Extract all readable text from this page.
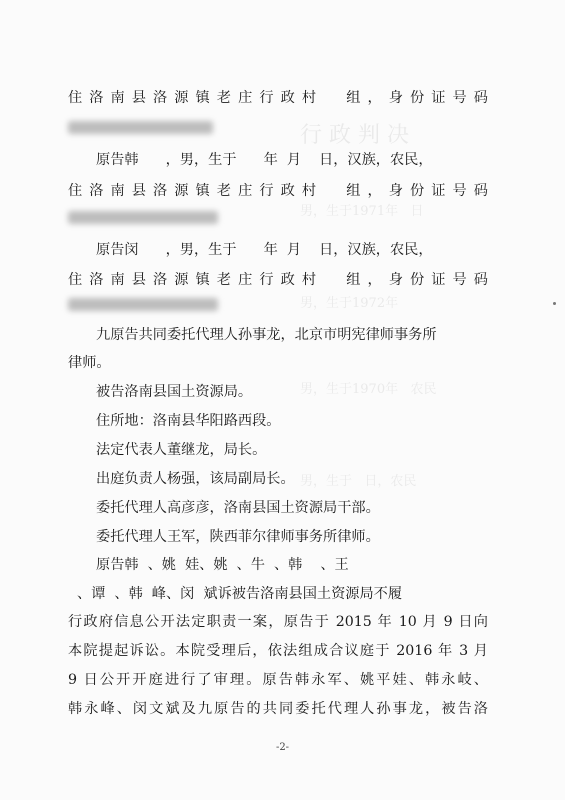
行 政 判 决
男，生于1971年   日
男，生于1972年
男，生于1970年   农民
男，生于   日，农民
住洛南县洛源镇老庄行政村  组，身份证号码
原告韩      ，男，生于      年  月    日，汉族，农民，
住洛南县洛源镇老庄行政村  组，身份证号码
原告闵      ，男，生于      年  月    日，汉族，农民，
住洛南县洛源镇老庄行政村  组，身份证号码
九原告共同委托代理人孙事龙，北京市明宪律师事务所
律师。
被告洛南县国土资源局。
住所地：洛南县华阳路西段。
法定代表人董继龙，局长。
出庭负责人杨强，该局副局长。
委托代理人高彦彦，洛南县国土资源局干部。
委托代理人王军，陕西菲尔律师事务所律师。
原告韩  、姚  娃、姚  、牛  、韩    、王
、谭  、韩  峰、闵  斌诉被告洛南县国土资源局不履
行政府信息公开法定职责一案，原告于 2015 年 10 月 9 日向
本院提起诉讼。本院受理后，依法组成合议庭于 2016 年 3 月
9 日公开开庭进行了审理。原告韩永军、姚平娃、韩永岐、
韩永峰、闵文斌及九原告的共同委托代理人孙事龙，被告洛
-2-
